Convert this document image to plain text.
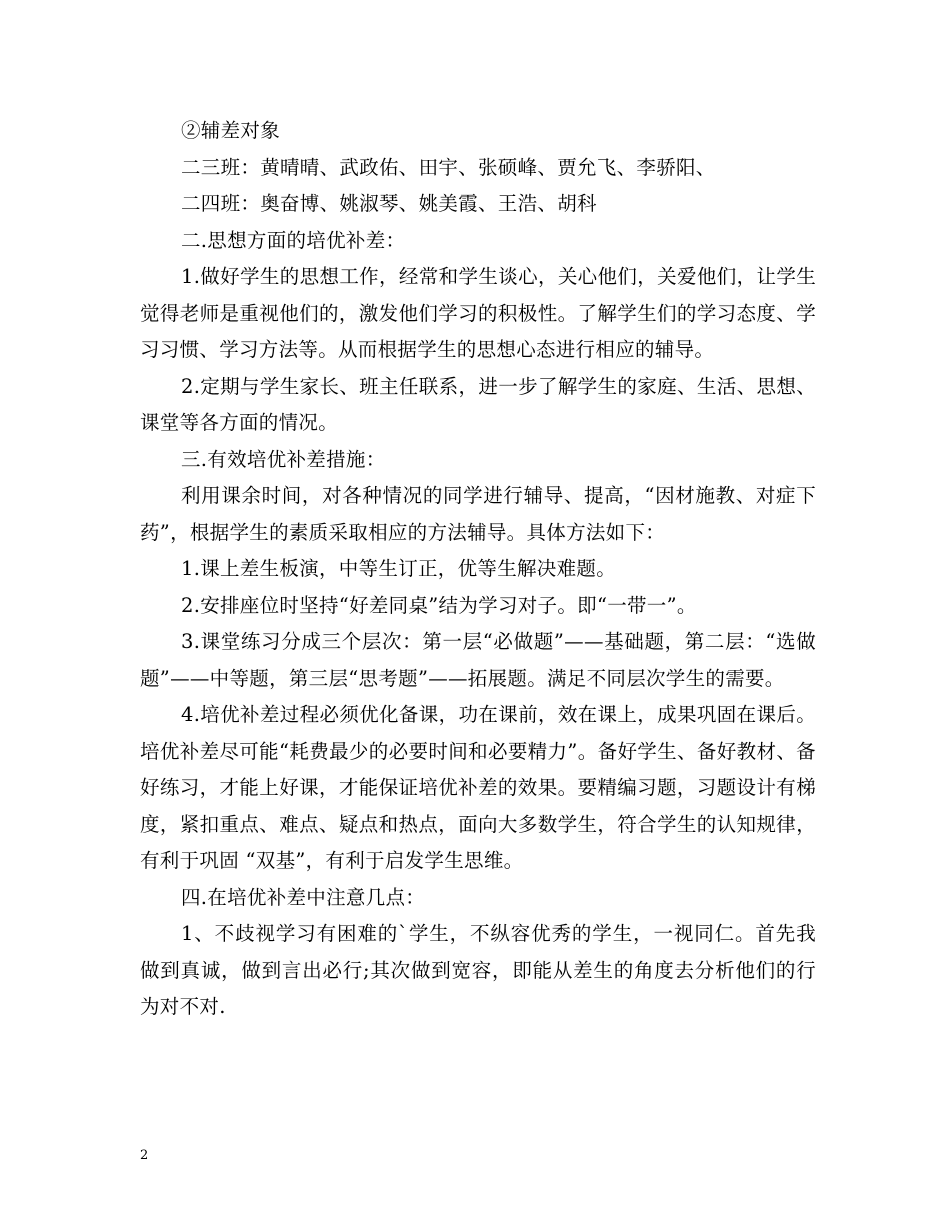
②辅差对象

二三班：黄晴晴、武政佑、田宇、张硕峰、贾允飞、李骄阳、

二四班：奥奋博、姚淑琴、姚美霞、王浩、胡科

二.思想方面的培优补差：

1.做好学生的思想工作，经常和学生谈心，关心他们，关爱他们，让学生觉得老师是重视他们的，激发他们学习的积极性。了解学生们的学习态度、学习习惯、学习方法等。从而根据学生的思想心态进行相应的辅导。

2.定期与学生家长、班主任联系，进一步了解学生的家庭、生活、思想、课堂等各方面的情况。

三.有效培优补差措施：

利用课余时间，对各种情况的同学进行辅导、提高，“因材施教、对症下药”，根据学生的素质采取相应的方法辅导。具体方法如下：

1.课上差生板演，中等生订正，优等生解决难题。

2.安排座位时坚持“好差同桌”结为学习对子。即“一带一”。

3.课堂练习分成三个层次：第一层“必做题”——基础题，第二层：“选做题”——中等题，第三层“思考题”——拓展题。满足不同层次学生的需要。

4.培优补差过程必须优化备课，功在课前，效在课上，成果巩固在课后。培优补差尽可能“耗费最少的必要时间和必要精力”。备好学生、备好教材、备好练习，才能上好课，才能保证培优补差的效果。要精编习题，习题设计有梯度，紧扣重点、难点、疑点和热点，面向大多数学生，符合学生的认知规律，有利于巩固 “双基”，有利于启发学生思维。

四.在培优补差中注意几点：

1、不歧视学习有困难的`学生，不纵容优秀的学生，一视同仁。首先我做到真诚，做到言出必行;其次做到宽容，即能从差生的角度去分析他们的行为对不对.

2
